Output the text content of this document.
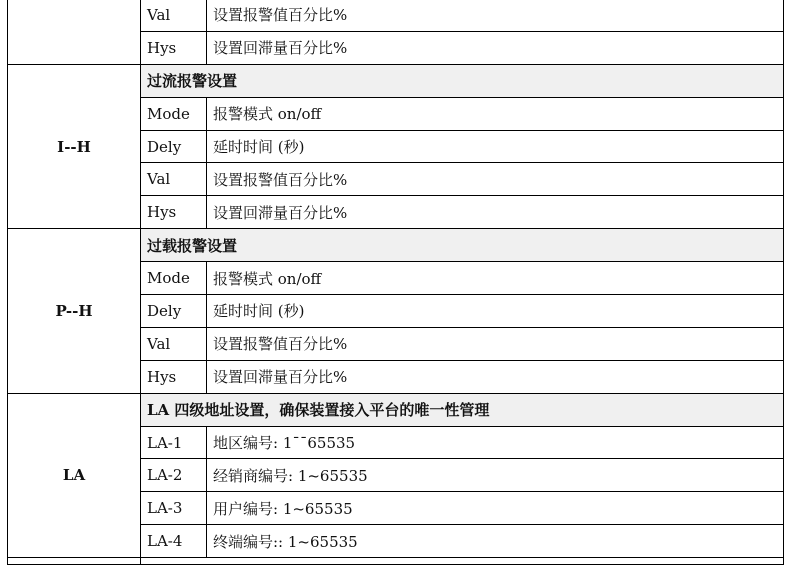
	Val	设置报警值百分比%
	Hys	设置回滞量百分比%
I--H	过流报警设置	
	Mode	报警模式 on/off
	Dely	延时时间 (秒)
	Val	设置报警值百分比%
	Hys	设置回滞量百分比%
P--H	过载报警设置	
	Mode	报警模式 on/off
	Dely	延时时间 (秒)
	Val	设置报警值百分比%
	Hys	设置回滞量百分比%
LA	LA 四级地址设置，确保装置接入平台的唯一性管理	
	LA-1	地区编号: 1¯¯65535
	LA-2	经销商编号: 1~65535
	LA-3	用户编号: 1~65535
	LA-4	终端编号:: 1~65535
